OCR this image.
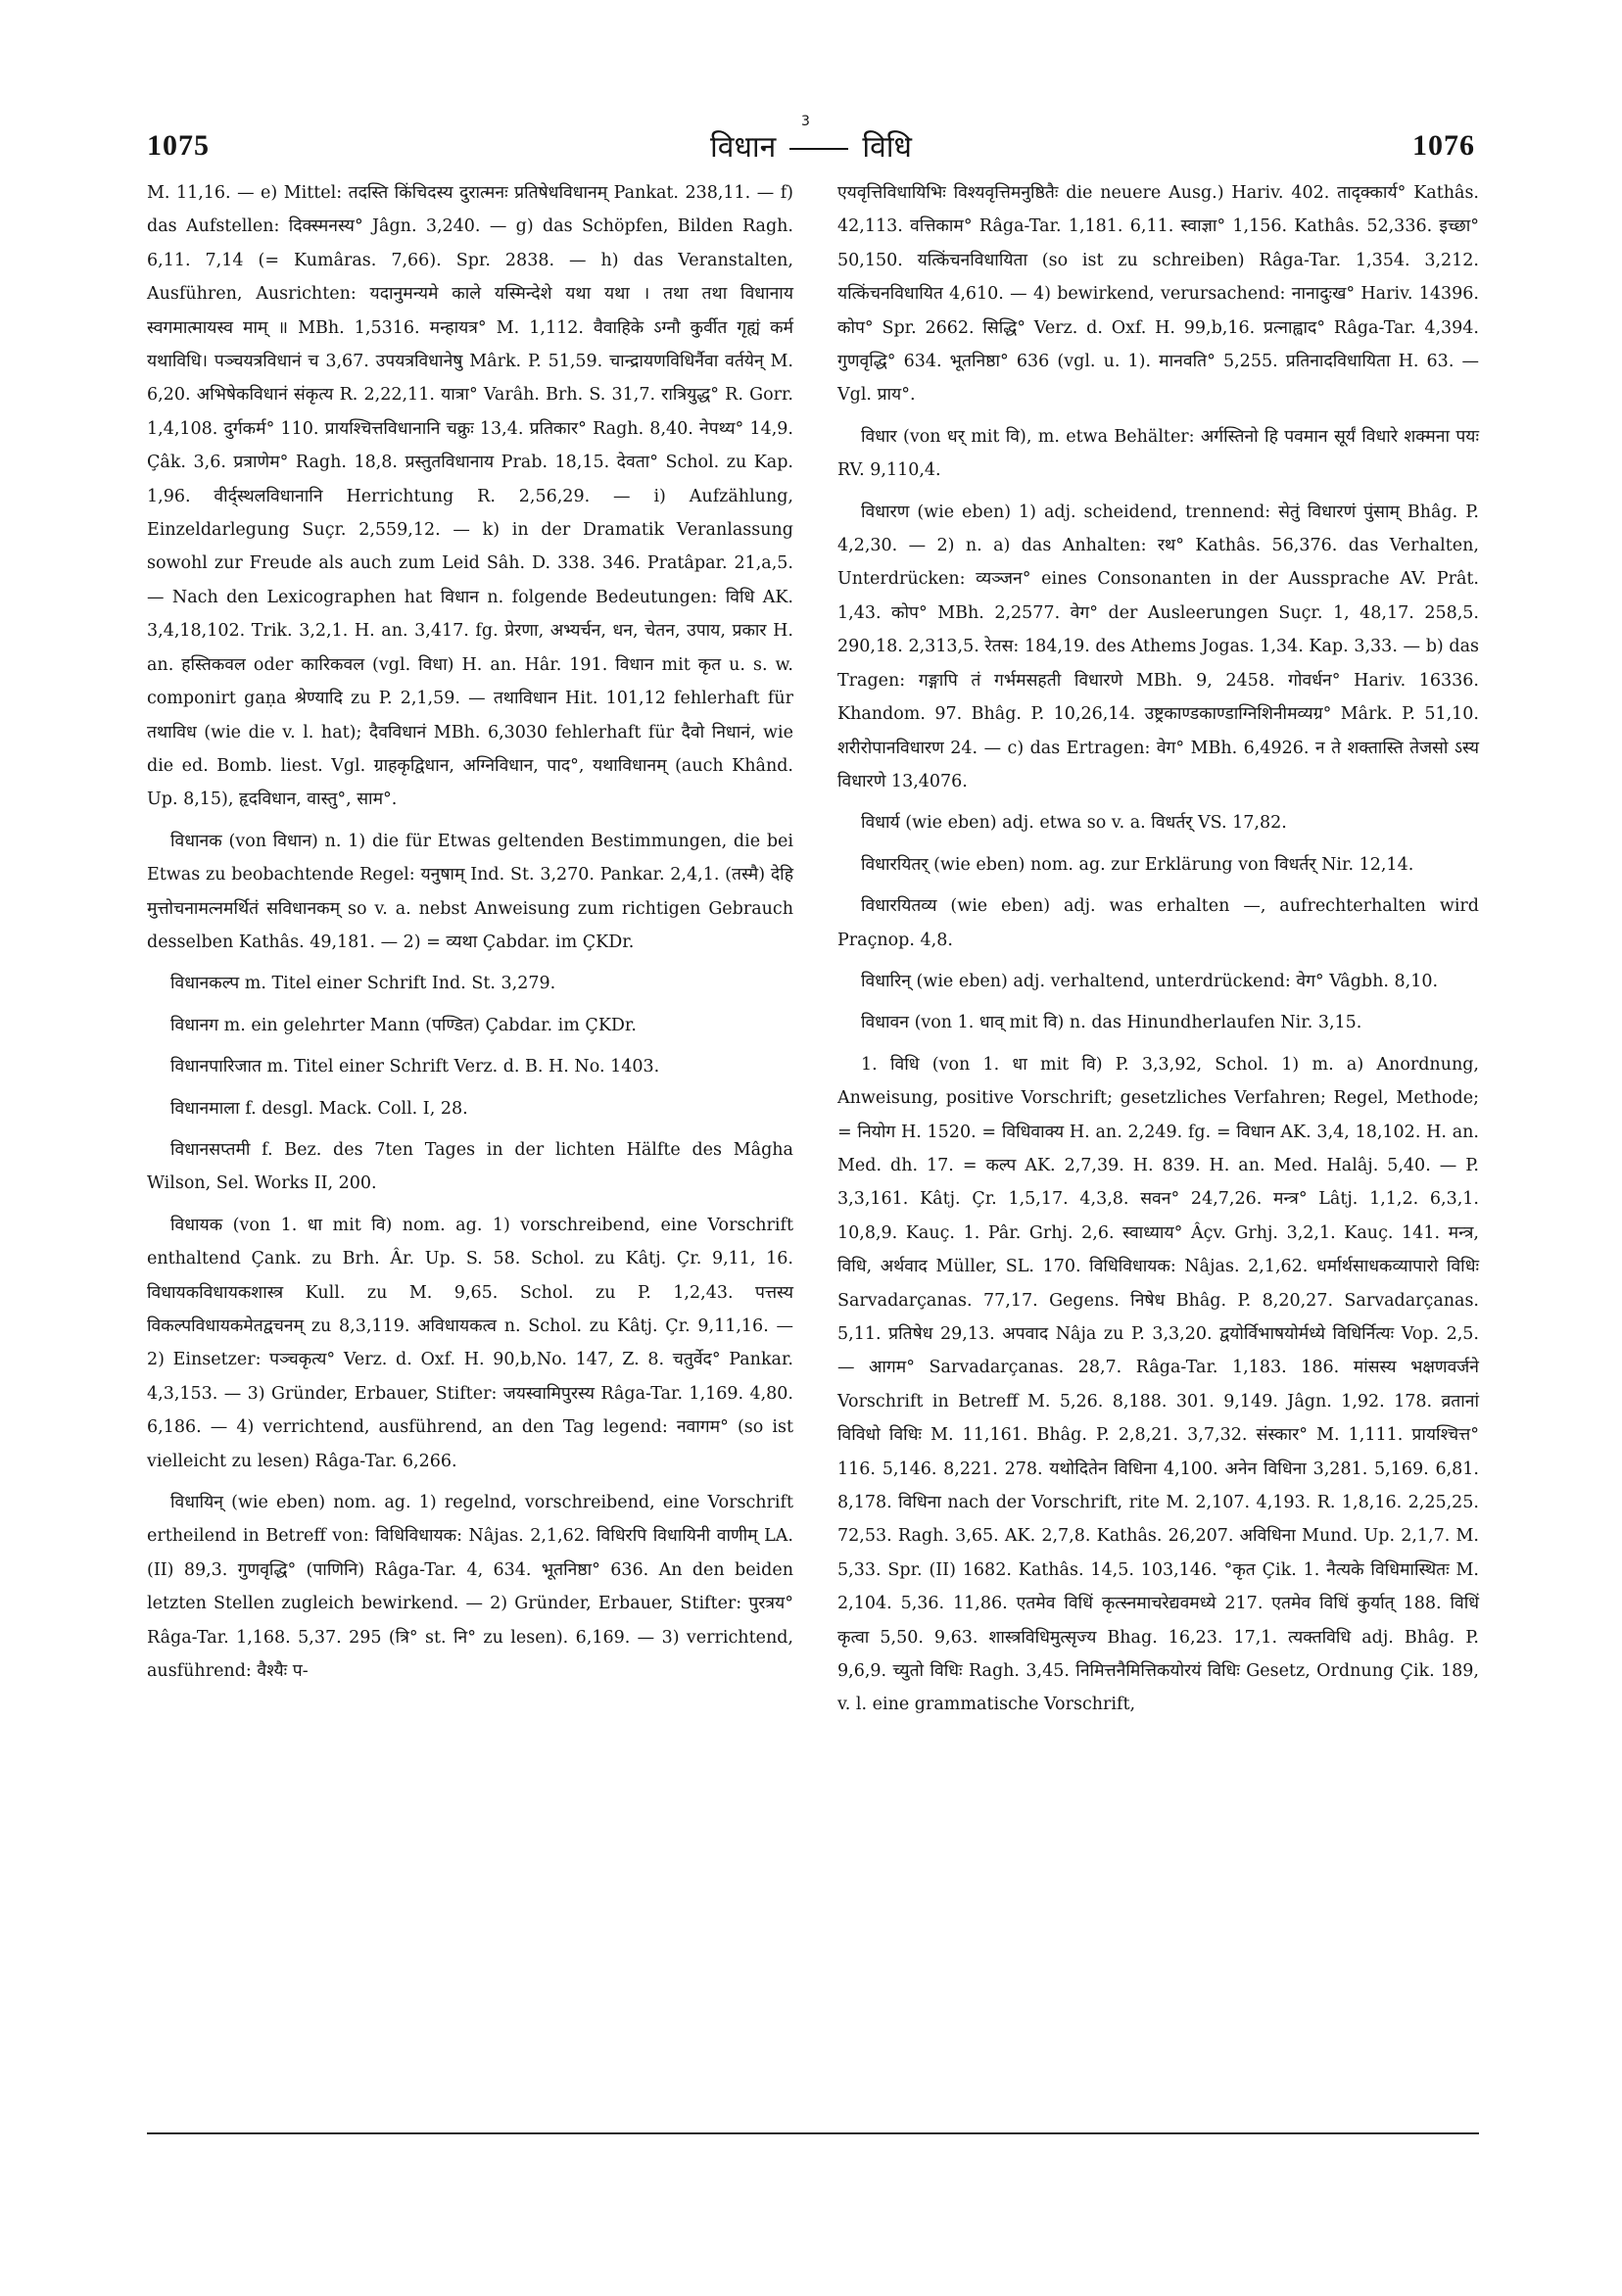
1075
3
विधान	विधि	1076

M. 11,16. — e) Mittel: तदस्ति किंचिदस्य दुरात्मनः प्रतिषेधविधानम् Pankat. 238,11. — f) das Aufstellen: दिक्स्मनस्य° Jâgn. 3,240. — g) das Schöpfen, Bilden Ragh. 6,11. 7,14 (= Kumâras. 7,66). Spr. 2838. — h) das Veranstalten, Ausführen, Ausrichten: यदानुमन्यमे काले यस्मिन्देशे यथा यथा । तथा तथा विधानाय स्वगमात्मायस्व माम् ॥ MBh. 1,5316. मन्हायत्र° M. 1,112. वैवाहिके ऽग्नौ कुर्वीत गृह्यं कर्म यथाविधि। पञ्चयत्रविधानं च 3,67. उपयत्रविधानेषु Mârk. P. 51,59. चान्द्रायणविधिर्नैवा वर्तयेन् M. 6,20. अभिषेकविधानं संकृत्य R. 2,22,11. यात्रा° Varâh. Brh. S. 31,7. रात्रियुद्ध° R. Gorr. 1,4,108. दुर्गकर्म° 110. प्रायश्चित्तविधानानि चक्रुः 13,4. प्रतिकार° Ragh. 8,40. नेपथ्य° 14,9. Çâk. 3,6. प्रत्राणेम° Ragh. 18,8. प्रस्तुतविधानाय Prab. 18,15. देवता° Schol. zu Kap. 1,96. वीर्द्स्थलविधानानि Herrichtung R. 2,56,29. — i) Aufzählung, Einzeldarlegung Suçr. 2,559,12. — k) in der Dramatik Veranlassung sowohl zur Freude als auch zum Leid Sâh. D. 338. 346. Pratâpar. 21,a,5. — Nach den Lexicographen hat विधान n. folgende Bedeutungen: विधि AK. 3,4,18,102. Trik. 3,2,1. H. an. 3,417. fg. प्रेरणा, अभ्यर्चन, धन, चेतन, उपाय, प्रकार H. an. हस्तिकवल oder कारिकवल (vgl. विधा) H. an. Hâr. 191. विधान mit कृत u. s. w. componirt gaṇa श्रेण्यादि zu P. 2,1,59. — तथाविधान Hit. 101,12 fehlerhaft für तथाविध (wie die v. l. hat); दैवविधानं MBh. 6,3030 fehlerhaft für दैवो निधानं, wie die ed. Bomb. liest. Vgl. ग्राहकृद्विधान, अग्निविधान, पाद°, यथाविधानम् (auch Khând. Up. 8,15), हृदविधान, वास्तु°, साम°.

विधानक (von विधान) n. 1) die für Etwas geltenden Bestimmungen, die bei Etwas zu beobachtende Regel: यनुषाम् Ind. St. 3,270. Pankar. 2,4,1. (तस्मै) देहि मुत्तोचनामत्नमर्थितं सविधानकम् so v. a. nebst Anweisung zum richtigen Gebrauch desselben Kathâs. 49,181. — 2) = व्यथा Çabdar. im ÇKDr.

विधानकल्प m. Titel einer Schrift Ind. St. 3,279.

विधानग m. ein gelehrter Mann (पण्डित) Çabdar. im ÇKDr.

विधानपारिजात m. Titel einer Schrift Verz. d. B. H. No. 1403.

विधानमाला f. desgl. Mack. Coll. I, 28.

विधानसप्तमी f. Bez. des 7ten Tages in der lichten Hälfte des Mâgha Wilson, Sel. Works II, 200.

विधायक (von 1. धा mit वि) nom. ag. 1) vorschreibend, eine Vorschrift enthaltend Çank. zu Brh. Âr. Up. S. 58. Schol. zu Kâtj. Çr. 9,11, 16. विधायकविधायकशास्त्र Kull. zu M. 9,65. Schol. zu P. 1,2,43. पत्तस्य विकल्पविधायकमेतद्वचनम् zu 8,3,119. अविधायकत्व n. Schol. zu Kâtj. Çr. 9,11,16. — 2) Einsetzer: पञ्चकृत्य° Verz. d. Oxf. H. 90,b,No. 147, Z. 8. चतुर्वेद° Pankar. 4,3,153. — 3) Gründer, Erbauer, Stifter: जयस्वामिपुरस्य Râga-Tar. 1,169. 4,80. 6,186. — 4) verrichtend, ausführend, an den Tag legend: नवागम° (so ist vielleicht zu lesen) Râga-Tar. 6,266.

विधायिन् (wie eben) nom. ag. 1) regelnd, vorschreibend, eine Vorschrift ertheilend in Betreff von: विधिविधायक: Nâjas. 2,1,62. विधिरपि विधायिनी वाणीम् LA. (II) 89,3. गुणवृद्धि° (पाणिनि) Râga-Tar. 4, 634. भूतनिष्ठा° 636. An den beiden letzten Stellen zugleich bewirkend. — 2) Gründer, Erbauer, Stifter: पुरत्रय° Râga-Tar. 1,168. 5,37. 295 (त्रि° st. नि° zu lesen). 6,169. — 3) verrichtend, ausführend: वैश्यैः प-

एयवृत्तिविधायिभिः विश्यवृत्तिमनुष्ठितैः die neuere Ausg.) Hariv. 402. तादृक्कार्य° Kathâs. 42,113. वत्तिकाम° Râga-Tar. 1,181. 6,11. स्वाज्ञा° 1,156. Kathâs. 52,336. इच्छा° 50,150. यत्किंचनविधायिता (so ist zu schreiben) Râga-Tar. 1,354. 3,212. यत्किंचनविधायित 4,610. — 4) bewirkend, verursachend: नानादुःख° Hariv. 14396. कोप° Spr. 2662. सिद्धि° Verz. d. Oxf. H. 99,b,16. प्रत्नाह्वाद° Râga-Tar. 4,394. गुणवृद्धि° 634. भूतनिष्ठा° 636 (vgl. u. 1). मानवति° 5,255. प्रतिनादविधायिता H. 63. — Vgl. प्राय°.

विधार (von धर् mit वि), m. etwa Behälter: अर्गस्तिनो हि पवमान सूर्यं विधारे शक्मना पयः RV. 9,110,4.

विधारण (wie eben) 1) adj. scheidend, trennend: सेतुं विधारणं पुंसाम् Bhâg. P. 4,2,30. — 2) n. a) das Anhalten: रथ° Kathâs. 56,376. das Verhalten, Unterdrücken: व्यञ्जन° eines Consonanten in der Aussprache AV. Prât. 1,43. कोप° MBh. 2,2577. वेग° der Ausleerungen Suçr. 1, 48,17. 258,5. 290,18. 2,313,5. रेतस: 184,19. des Athems Jogas. 1,34. Kap. 3,33. — b) das Tragen: गङ्गापि तं गर्भमसहती विधारणे MBh. 9, 2458. गोवर्धन° Hariv. 16336. Khandom. 97. Bhâg. P. 10,26,14. उष्ट्रकाण्डकाण्डाग्निशिनीमव्यग्र° Mârk. P. 51,10. शरीरोपानविधारण 24. — c) das Ertragen: वेग° MBh. 6,4926. न ते शक्तास्ति तेजसो ऽस्य विधारणे 13,4076.

विधार्य (wie eben) adj. etwa so v. a. विधर्तर् VS. 17,82.

विधारयितर् (wie eben) nom. ag. zur Erklärung von विधर्तर् Nir. 12,14.

विधारयितव्य (wie eben) adj. was erhalten —, aufrechterhalten wird Praçnop. 4,8.

विधारिन् (wie eben) adj. verhaltend, unterdrückend: वेग° Vâgbh. 8,10.

विधावन (von 1. धाव् mit वि) n. das Hinundherlaufen Nir. 3,15.

1. विधि (von 1. धा mit वि) P. 3,3,92, Schol. 1) m. a) Anordnung, Anweisung, positive Vorschrift; gesetzliches Verfahren; Regel, Methode; = नियोग H. 1520. = विधिवाक्य H. an. 2,249. fg. = विधान AK. 3,4, 18,102. H. an. Med. dh. 17. = कल्प AK. 2,7,39. H. 839. H. an. Med. Halâj. 5,40. — P. 3,3,161. Kâtj. Çr. 1,5,17. 4,3,8. सवन° 24,7,26. मन्त्र° Lâtj. 1,1,2. 6,3,1. 10,8,9. Kauç. 1. Pâr. Grhj. 2,6. स्वाध्याय° Âçv. Grhj. 3,2,1. Kauç. 141. मन्त्र, विधि, अर्थवाद Müller, SL. 170. विधिविधायक: Nâjas. 2,1,62. धर्मार्थसाधकव्यापारो विधिः Sarvadarçanas. 77,17. Gegens. निषेध Bhâg. P. 8,20,27. Sarvadarçanas. 5,11. प्रतिषेध 29,13. अपवाद Nâja zu P. 3,3,20. द्वयोर्विभाषयोर्मध्ये विधिर्नित्यः Vop. 2,5. — आगम° Sarvadarçanas. 28,7. Râga-Tar. 1,183. 186. मांसस्य भक्षणवर्जने Vorschrift in Betreff M. 5,26. 8,188. 301. 9,149. Jâgn. 1,92. 178. व्रतानां विविधो विधिः M. 11,161. Bhâg. P. 2,8,21. 3,7,32. संस्कार° M. 1,111. प्रायश्चित्त° 116. 5,146. 8,221. 278. यथोदितेन विधिना 4,100. अनेन विधिना 3,281. 5,169. 6,81. 8,178. विधिना nach der Vorschrift, rite M. 2,107. 4,193. R. 1,8,16. 2,25,25. 72,53. Ragh. 3,65. AK. 2,7,8. Kathâs. 26,207. अविधिना Mund. Up. 2,1,7. M. 5,33. Spr. (II) 1682. Kathâs. 14,5. 103,146. °कृत Çik. 1. नैत्यके विधिमास्थितः M. 2,104. 5,36. 11,86. एतमेव विधिं कृत्स्नमाचरेद्यवमध्ये 217. एतमेव विधिं कुर्यात् 188. विधिं कृत्वा 5,50. 9,63. शास्त्रविधिमुत्सृज्य Bhag. 16,23. 17,1. त्यक्तविधि adj. Bhâg. P. 9,6,9. च्युतो विधिः Ragh. 3,45. निमित्तनैमित्तिकयोरयं विधिः Gesetz, Ordnung Çik. 189, v. l. eine grammatische Vorschrift,
